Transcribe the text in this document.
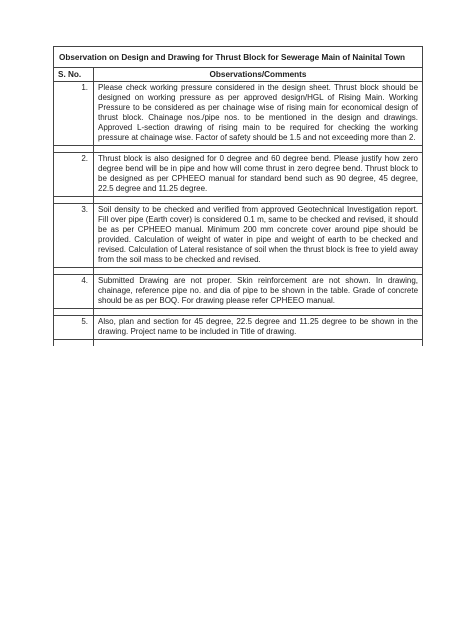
Observation on Design and Drawing for Thrust Block for Sewerage Main of Nainital Town	
S. No.	Observations/Comments
1.	Please check working pressure considered in the design sheet. Thrust block should be designed on working pressure as per approved design/HGL of Rising Main. Working Pressure to be considered as per chainage wise of rising main for economical design of thrust block. Chainage nos./pipe nos. to be mentioned in the design and drawings. Approved L-section drawing of rising main to be required for checking the working pressure at chainage wise. Factor of safety should be 1.5 and not exceeding more than 2.

2.	Thrust block is also designed for 0 degree and 60 degree bend. Please justify how zero degree bend will be in pipe and how will come thrust in zero degree bend. Thrust block to be designed as per CPHEEO manual for standard bend such as 90 degree, 45 degree, 22.5 degree and 11.25 degree.

3.	Soil density to be checked and verified from approved Geotechnical Investigation report. Fill over pipe (Earth cover) is considered 0.1 m, same to be checked and revised, it should be as per CPHEEO manual. Minimum 200 mm concrete cover around pipe should be provided. Calculation of weight of water in pipe and weight of earth to be checked and revised. Calculation of Lateral resistance of soil when the thrust block is free to yield away from the soil mass to be checked and revised.

4.	Submitted Drawing are not proper. Skin reinforcement are not shown. In drawing, chainage, reference pipe no. and dia of pipe to be shown in the table. Grade of concrete should be as per BOQ. For drawing please refer CPHEEO manual.

5.	Also, plan and section for 45 degree, 22.5 degree and 11.25 degree to be shown in the drawing. Project name to be included in Title of drawing.
